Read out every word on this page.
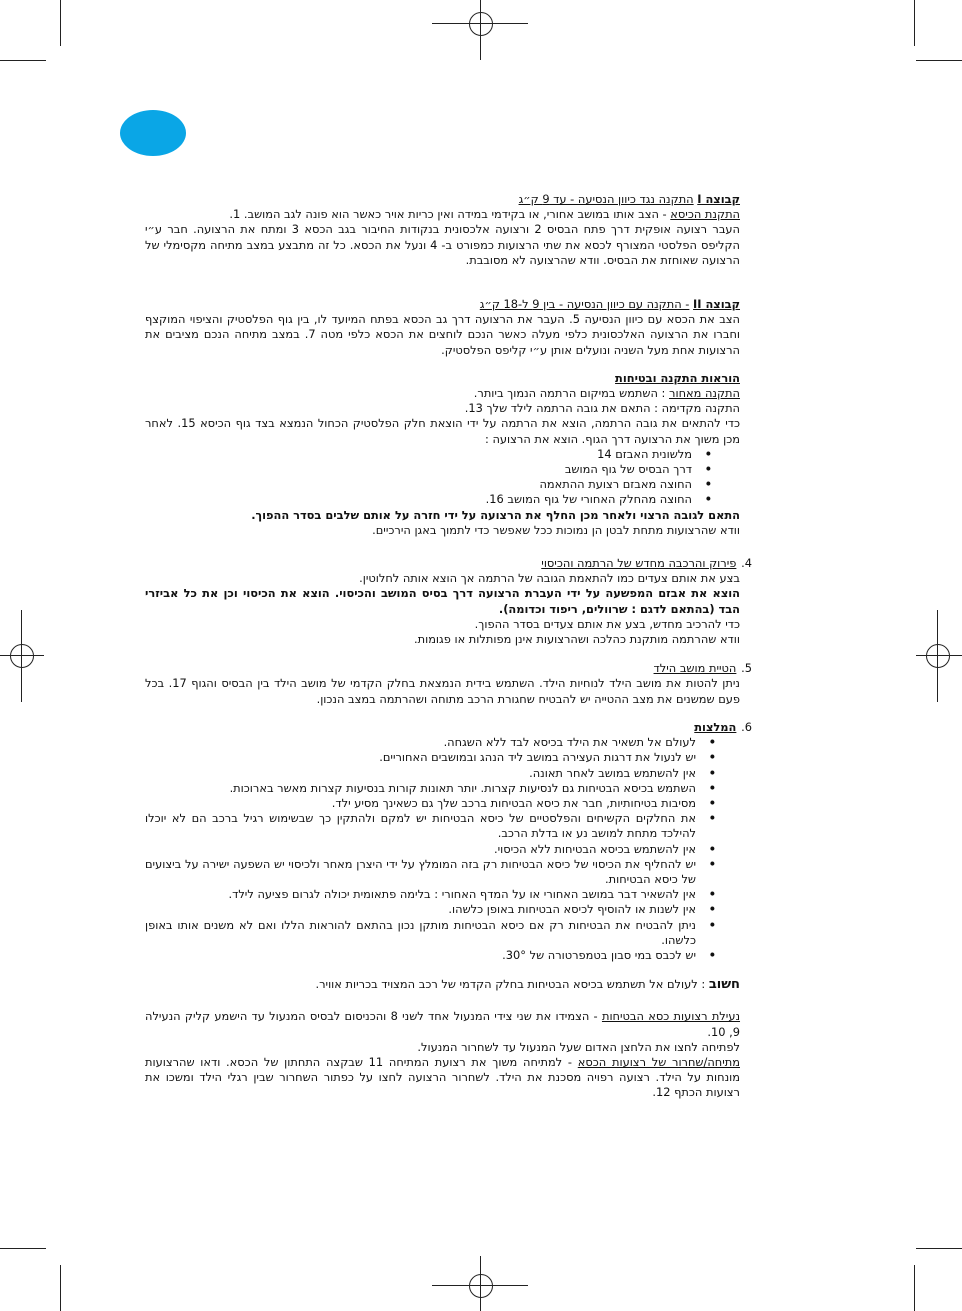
קבוצה I התקנה נגד כיוון הנסיעה - עד 9 ק״ג
התקנת הכיסא - הצב אותו במושב אחורי, או בקידמי במידה ואין כריות אויר כאשר הוא פונה לגב המושב. 1.
העבר רצועה אופקית דרך פתח הבסיס 2 ורצועה אלכסונית בנקודות החיבור בגב הכסא 3 ומתח את הרצועה. חבר ע״י הקליפס הפלסטי המצורף לכסא את שתי הרצועות כמפורט ב- 4 ונעל את הכסא. כל זה מתבצע במצב מתיחה מקסימלי של הרצועה שאוחזת את הבסיס. וודא שהרצועה לא מסובבת.
קבוצה II - התקנה עם כיוון הנסיעה - בין 9 ל-18 ק״ג
הצב את הכסא עם כיוון הנסיעה 5. העבר את הרצועה דרך גב הכסא בפתח המיועד לו, בין גוף הפלסטיק והציפוי המוקצף וחברו את הרצועה האלכסונית כלפי מעלה כאשר הנכם לוחצים את הכסא כלפי מטה 7. במצב מתיחה הנכם מציבים את הרצועות אחת מעל השניה ונועלים אותן ע״י קליפס הפלסטיק.
הוראות התקנה ובטיחות
התקנה מאחור : השתמש במיקום הרתמה הנמוך ביותר.
התקנה מקדימה : התאם את גובה הרתמה לילד שלך 13.
כדי להתאים את גובה הרתמה, הוצא את הרתמה על ידי הוצאת חלק הפלסטיק הכחול הנמצא בצד גוף הכיסא 15. לאחר מכן משוך את הרצועה דרך הגוף. הוצא את הרצועה :
• מלשונית האבזם 14
• דרך הבסיס של גוף המושב
• החוצה מאבזם רצועת ההתאמה
• החוצה מהחלק האחורי של גוף המושב 16.
התאם לגובה הרצוי ולאחר מכן החלף את הרצועה על ידי חזרה על אותם שלבים בסדר ההפוך.
וודא שהרצועות מתחת לבטן הן נמוכות ככל שאפשר כדי לתמוך באגן הירכיים.
4. פירוק והרכבה מחדש של הרתמה והכיסוי
בצע את אותם צעדים כמו להתאמת הגובה של הרתמה אך הוצא אותה לחלוטין.
הוצא את אבזם המפשעה על ידי העברת הרצועה דרך בסיס המושב והכיסוי. הוצא את הכיסוי וכן את כל אביזרי הבד (בהתאם לדגם : שרוולים, ריפוד וכדומה).
כדי להרכיב מחדש, בצע את אותם צעדים בסדר ההפוך.
וודא שהרתמה מותקנת כהלכה ושהרצועות אינן מפותלות או פגומות.
5. הטיית מושב הילד
ניתן להטות את מושב הילד לנוחיות הילד. השתמש בידית הנמצאת בחלק הקדמי של מושב הילד בין הבסיס והגוף 17. בכל פעם שמשנים את מצב ההטייה יש להבטיח שחגורת הרכב מתוחה ושהרתמה במצב הנכון.
6. המלצות
• לעולם אל תשאיר את הילד בכיסא לבד ללא השגחה.
• יש לנעול את דרגות העצירה במושב ליד הנהג ובמושבים האחוריים.
• אין להשתמש במושב לאחר תאונה.
• השתמש בכיסא הבטיחות גם לנסיעות קצרות. יותר תאונות קורות בנסיעות קצרות מאשר בארוכות.
• מסיבות בטיחותיות, חבר את כיסא הבטיחות ברכב שלך גם כשאינך מסיע ילד.
• את החלקים הקשיחים והפלסטיים של כיסא הבטיחות יש למקם ולהתקין כך שבשימוש רגיל ברכב הם לא יוכלו להילכד מתחת למושב נע או בדלת הרכב.
• אין להשתמש בכיסא הבטיחות ללא הכיסוי.
• יש להחליף את הכיסוי של כיסא הבטיחות רק בזה המומלץ על ידי היצרן מאחר ולכיסוי יש השפעה ישירה על ביצועים של כיסא הבטיחות.
• אין להשאיר דבר במושב האחורי או על המדף האחורי : בלימה פתאומית יכולה לגרום פציעה לילד.
• אין לשנות או להוסיף לכיסא הבטיחות באופן כלשהו.
• ניתן להבטיח את הבטיחות רק אם כיסא הבטיחות מותקן נכון בהתאם להוראות הללו ואם לא משנים אותו באופן כלשהו.
• יש לכבס במי סבון בטמפרטורה של 30°.
חשוב : לעולם אל תשתמש בכיסא הבטיחות בחלק הקדמי של רכב המצויד בכריות אוויר.
נעילת רצועות כסא הבטיחות - הצמידו את שני צידי המנעול אחד לשני 8 והכניסום לבסיס המנעול עד הישמע קליק הנעילה 9, 10.
לפתיחה לחצו את הלחצן האדום שעל המנעול עד לשחרור המנעול.
מתיחה/שחרור של רצועות הכסא - למתיחה משוך את רצועת המתיחה 11 שבקצה התחתון של הכסא. ודאו שהרצועות מונחות על הילד. רצועה רפויה מסכנת את הילד. לשחרור הרצועה לחצו על כפתור השחרור שבין רגלי הילד ומשכו את רצועות הכתף 12.
